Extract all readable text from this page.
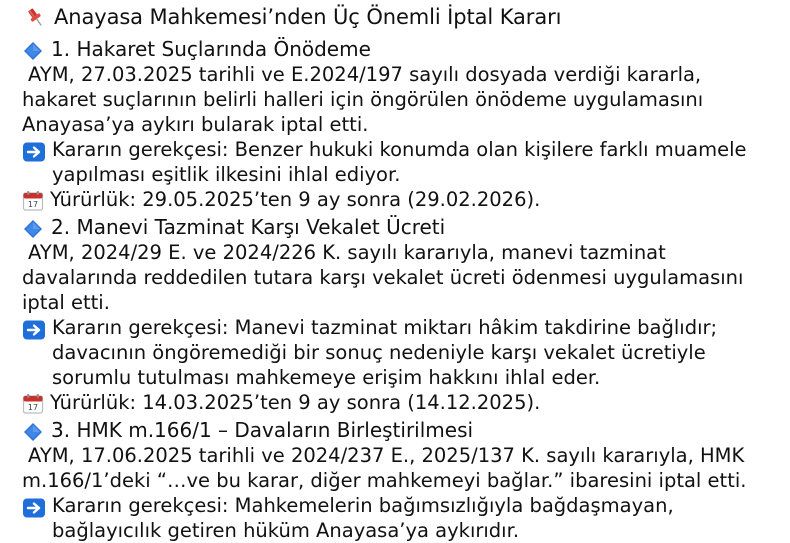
Anayasa Mahkemesi’nden Üç Önemli İptal Kararı
1. Hakaret Suçlarında Önödeme

AYM, 27.03.2025 tarihli ve E.2024/197 sayılı dosyada verdiği kararla, hakaret suçlarının belirli halleri için öngörülen önödeme uygulamasını Anayasa’ya aykırı bularak iptal etti.

Kararın gerekçesi: Benzer hukuki konumda olan kişilere farklı muamele yapılması eşitlik ilkesini ihlal ediyor.
17 Yürürlük: 29.05.2025’ten 9 ay sonra (29.02.2026).
2. Manevi Tazminat Karşı Vekalet Ücreti

AYM, 2024/29 E. ve 2024/226 K. sayılı kararıyla, manevi tazminat davalarında reddedilen tutara karşı vekalet ücreti ödenmesi uygulamasını iptal etti.

Kararın gerekçesi: Manevi tazminat miktarı hâkim takdirine bağlıdır; davacının öngöremediği bir sonuç nedeniyle karşı vekalet ücretiyle sorumlu tutulması mahkemeye erişim hakkını ihlal eder.
17 Yürürlük: 14.03.2025’ten 9 ay sonra (14.12.2025).
3. HMK m.166/1 – Davaların Birleştirilmesi

AYM, 17.06.2025 tarihli ve 2024/237 E., 2025/137 K. sayılı kararıyla, HMK m.166/1’deki “…ve bu karar, diğer mahkemeyi bağlar.” ibaresini iptal etti.

Kararın gerekçesi: Mahkemelerin bağımsızlığıyla bağdaşmayan, bağlayıcılık getiren hüküm Anayasa’ya aykırıdır.
